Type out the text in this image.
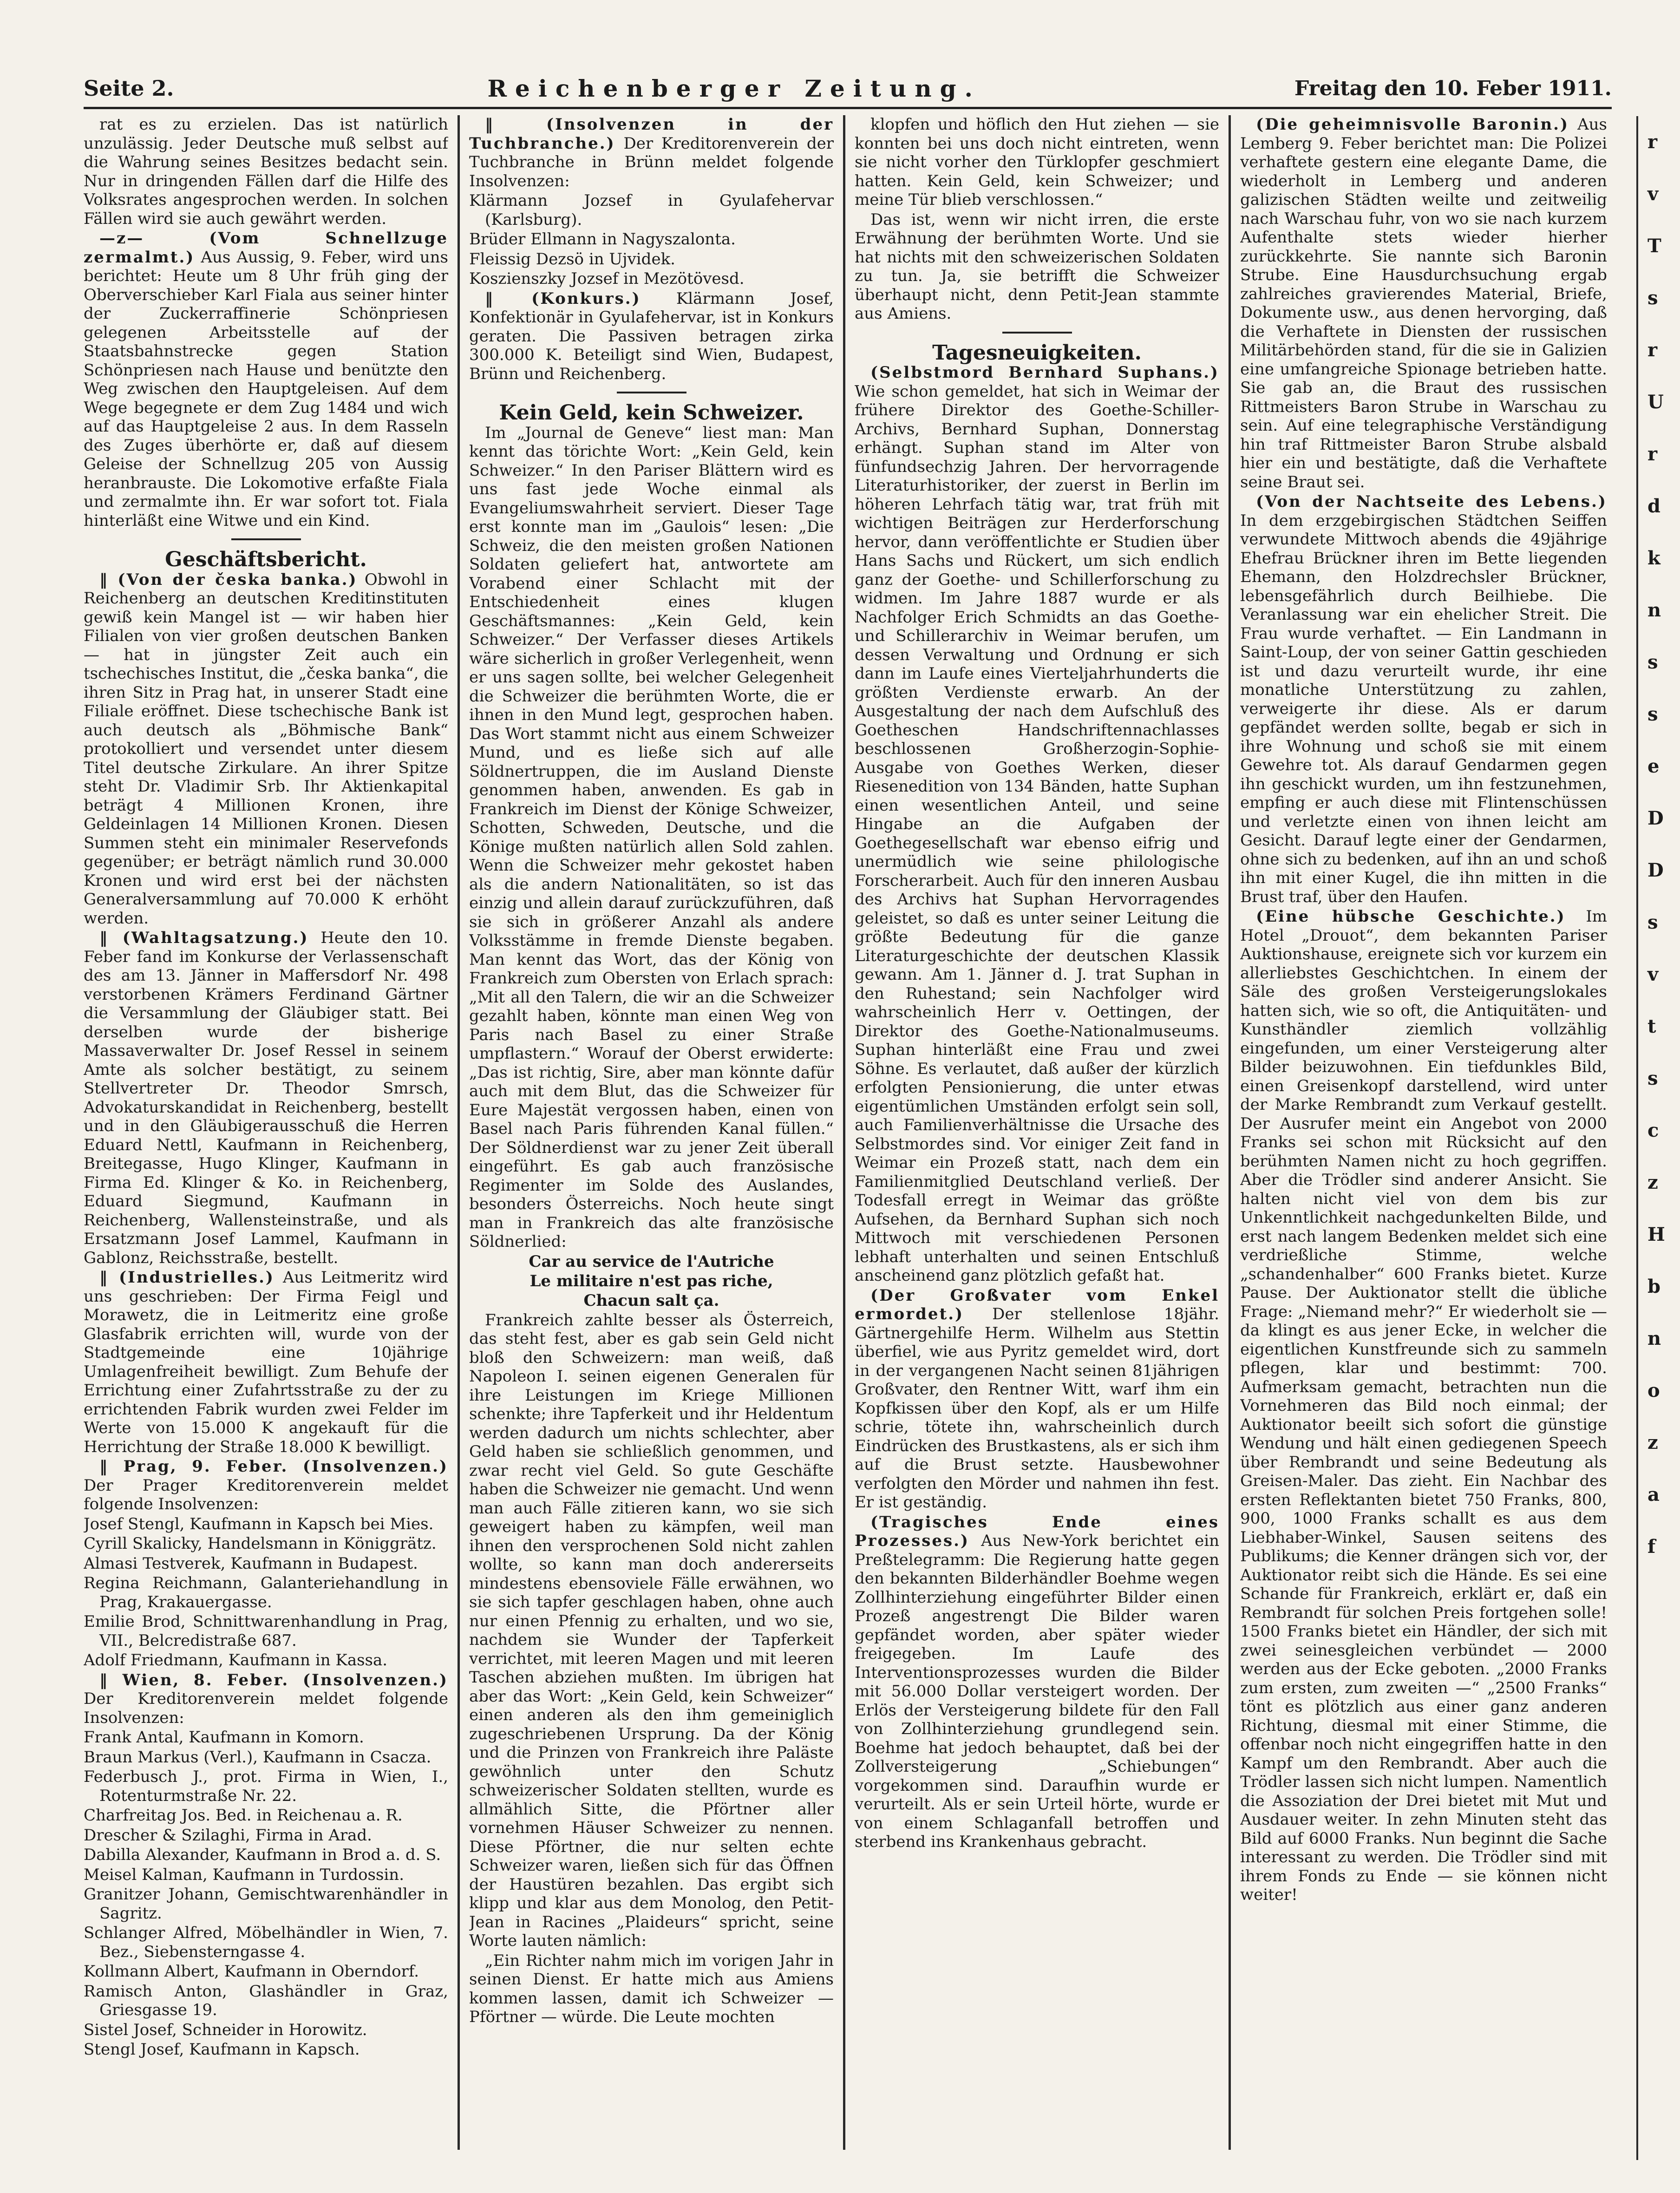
Seite 2.	Reichenberger Zeitung.	Freitag den 10. Feber 1911.

rat es zu erzielen. Das ist natürlich unzulässig. Jeder Deutsche muß selbst auf die Wahrung seines Besitzes bedacht sein. Nur in dringenden Fällen darf die Hilfe des Volksrates angesprochen werden. In solchen Fällen wird sie auch gewährt werden.

—z— (Vom Schnellzuge zermalmt.) Aus Aussig, 9. Feber, wird uns berichtet: Heute um 8 Uhr früh ging der Oberverschieber Karl Fiala aus seiner hinter der Zuckerraffinerie Schönpriesen gelegenen Arbeitsstelle auf der Staatsbahnstrecke gegen Station Schönpriesen nach Hause und benützte den Weg zwischen den Hauptgeleisen. Auf dem Wege begegnete er dem Zug 1484 und wich auf das Hauptgeleise 2 aus. In dem Rasseln des Zuges überhörte er, daß auf diesem Geleise der Schnellzug 205 von Aussig heranbrauste. Die Lokomotive erfaßte Fiala und zermalmte ihn. Er war sofort tot. Fiala hinterläßt eine Witwe und ein Kind.

Geschäftsbericht.

‖ (Von der česka banka.) Obwohl in Reichenberg an deutschen Kreditinstituten gewiß kein Mangel ist — wir haben hier Filialen von vier großen deutschen Banken — hat in jüngster Zeit auch ein tschechisches Institut, die „česka banka“, die ihren Sitz in Prag hat, in unserer Stadt eine Filiale eröffnet. Diese tschechische Bank ist auch deutsch als „Böhmische Bank“ protokolliert und versendet unter diesem Titel deutsche Zirkulare. An ihrer Spitze steht Dr. Vladimir Srb. Ihr Aktienkapital beträgt 4 Millionen Kronen, ihre Geldeinlagen 14 Millionen Kronen. Diesen Summen steht ein minimaler Reservefonds gegenüber; er beträgt nämlich rund 30.000 Kronen und wird erst bei der nächsten Generalversammlung auf 70.000 K erhöht werden.

‖ (Wahltagsatzung.) Heute den 10. Feber fand im Konkurse der Verlassenschaft des am 13. Jänner in Maffersdorf Nr. 498 verstorbenen Krämers Ferdinand Gärtner die Versammlung der Gläubiger statt. Bei derselben wurde der bisherige Massaverwalter Dr. Josef Ressel in seinem Amte als solcher bestätigt, zu seinem Stellvertreter Dr. Theodor Smrsch, Advokaturskandidat in Reichenberg, bestellt und in den Gläubigerausschuß die Herren Eduard Nettl, Kaufmann in Reichenberg, Breitegasse, Hugo Klinger, Kaufmann in Firma Ed. Klinger & Ko. in Reichenberg, Eduard Siegmund, Kaufmann in Reichenberg, Wallensteinstraße, und als Ersatzmann Josef Lammel, Kaufmann in Gablonz, Reichsstraße, bestellt.

‖ (Industrielles.) Aus Leitmeritz wird uns geschrieben: Der Firma Feigl und Morawetz, die in Leitmeritz eine große Glasfabrik errichten will, wurde von der Stadtgemeinde eine 10jährige Umlagenfreiheit bewilligt. Zum Behufe der Errichtung einer Zufahrtsstraße zu der zu errichtenden Fabrik wurden zwei Felder im Werte von 15.000 K angekauft für die Herrichtung der Straße 18.000 K bewilligt.

‖ Prag, 9. Feber. (Insolvenzen.) Der Prager Kreditorenverein meldet folgende Insolvenzen:

Josef Stengl, Kaufmann in Kapsch bei Mies.

Cyrill Skalicky, Handelsmann in Königgrätz.

Almasi Testverek, Kaufmann in Budapest.

Regina Reichmann, Galanteriehandlung in Prag, Krakauergasse.

Emilie Brod, Schnittwarenhandlung in Prag, VII., Belcredistraße 687.

Adolf Friedmann, Kaufmann in Kassa.

‖ Wien, 8. Feber. (Insolvenzen.) Der Kreditorenverein meldet folgende Insolvenzen:

Frank Antal, Kaufmann in Komorn.

Braun Markus (Verl.), Kaufmann in Csacza.

Federbusch J., prot. Firma in Wien, I., Rotenturmstraße Nr. 22.

Charfreitag Jos. Bed. in Reichenau a. R.

Drescher & Szilaghi, Firma in Arad.

Dabilla Alexander, Kaufmann in Brod a. d. S.

Meisel Kalman, Kaufmann in Turdossin.

Granitzer Johann, Gemischtwarenhändler in Sagritz.

Schlanger Alfred, Möbelhändler in Wien, 7. Bez., Siebensterngasse 4.

Kollmann Albert, Kaufmann in Oberndorf.

Ramisch Anton, Glashändler in Graz, Griesgasse 19.

Sistel Josef, Schneider in Horowitz.

Stengl Josef, Kaufmann in Kapsch.

‖ (Insolvenzen in der Tuchbranche.) Der Kreditorenverein der Tuchbranche in Brünn meldet folgende Insolvenzen:

Klärmann Jozsef in Gyulafehervar (Karlsburg).

Brüder Ellmann in Nagyszalonta.

Fleissig Dezsö in Ujvidek.

Koszienszky Jozsef in Mezötövesd.

‖ (Konkurs.) Klärmann Josef, Konfektionär in Gyulafehervar, ist in Konkurs geraten. Die Passiven betragen zirka 300.000 K. Beteiligt sind Wien, Budapest, Brünn und Reichenberg.

Kein Geld, kein Schweizer.

Im „Journal de Geneve“ liest man: Man kennt das törichte Wort: „Kein Geld, kein Schweizer.“ In den Pariser Blättern wird es uns fast jede Woche einmal als Evangeliumswahrheit serviert. Dieser Tage erst konnte man im „Gaulois“ lesen: „Die Schweiz, die den meisten großen Nationen Soldaten geliefert hat, antwortete am Vorabend einer Schlacht mit der Entschiedenheit eines klugen Geschäftsmannes: „Kein Geld, kein Schweizer.“ Der Verfasser dieses Artikels wäre sicherlich in großer Verlegenheit, wenn er uns sagen sollte, bei welcher Gelegenheit die Schweizer die berühmten Worte, die er ihnen in den Mund legt, gesprochen haben. Das Wort stammt nicht aus einem Schweizer Mund, und es ließe sich auf alle Söldnertruppen, die im Ausland Dienste genommen haben, anwenden. Es gab in Frankreich im Dienst der Könige Schweizer, Schotten, Schweden, Deutsche, und die Könige mußten natürlich allen Sold zahlen. Wenn die Schweizer mehr gekostet haben als die andern Nationalitäten, so ist das einzig und allein darauf zurückzuführen, daß sie sich in größerer Anzahl als andere Volksstämme in fremde Dienste begaben. Man kennt das Wort, das der König von Frankreich zum Obersten von Erlach sprach: „Mit all den Talern, die wir an die Schweizer gezahlt haben, könnte man einen Weg von Paris nach Basel zu einer Straße umpflastern.“ Worauf der Oberst erwiderte: „Das ist richtig, Sire, aber man könnte dafür auch mit dem Blut, das die Schweizer für Eure Majestät vergossen haben, einen von Basel nach Paris führenden Kanal füllen.“ Der Söldnerdienst war zu jener Zeit überall eingeführt. Es gab auch französische Regimenter im Solde des Auslandes, besonders Österreichs. Noch heute singt man in Frankreich das alte französische Söldnerlied:

Car au service de l'Autriche

Le militaire n'est pas riche,

Chacun salt ça.

Frankreich zahlte besser als Österreich, das steht fest, aber es gab sein Geld nicht bloß den Schweizern: man weiß, daß Napoleon I. seinen eigenen Generalen für ihre Leistungen im Kriege Millionen schenkte; ihre Tapferkeit und ihr Heldentum werden dadurch um nichts schlechter, aber Geld haben sie schließlich genommen, und zwar recht viel Geld. So gute Geschäfte haben die Schweizer nie gemacht. Und wenn man auch Fälle zitieren kann, wo sie sich geweigert haben zu kämpfen, weil man ihnen den versprochenen Sold nicht zahlen wollte, so kann man doch andererseits mindestens ebensoviele Fälle erwähnen, wo sie sich tapfer geschlagen haben, ohne auch nur einen Pfennig zu erhalten, und wo sie, nachdem sie Wunder der Tapferkeit verrichtet, mit leeren Magen und mit leeren Taschen abziehen mußten. Im übrigen hat aber das Wort: „Kein Geld, kein Schweizer“ einen anderen als den ihm gemeiniglich zugeschriebenen Ursprung. Da der König und die Prinzen von Frankreich ihre Paläste gewöhnlich unter den Schutz schweizerischer Soldaten stellten, wurde es allmählich Sitte, die Pförtner aller vornehmen Häuser Schweizer zu nennen. Diese Pförtner, die nur selten echte Schweizer waren, ließen sich für das Öffnen der Haustüren bezahlen. Das ergibt sich klipp und klar aus dem Monolog, den Petit-Jean in Racines „Plaideurs“ spricht, seine Worte lauten nämlich:

„Ein Richter nahm mich im vorigen Jahr in seinen Dienst. Er hatte mich aus Amiens kommen lassen, damit ich Schweizer — Pförtner — würde. Die Leute mochten

klopfen und höflich den Hut ziehen — sie konnten bei uns doch nicht eintreten, wenn sie nicht vorher den Türklopfer geschmiert hatten. Kein Geld, kein Schweizer; und meine Tür blieb verschlossen.“

Das ist, wenn wir nicht irren, die erste Erwähnung der berühmten Worte. Und sie hat nichts mit den schweizerischen Soldaten zu tun. Ja, sie betrifft die Schweizer überhaupt nicht, denn Petit-Jean stammte aus Amiens.

Tagesneuigkeiten.

(Selbstmord Bernhard Suphans.) Wie schon gemeldet, hat sich in Weimar der frühere Direktor des Goethe-Schiller-Archivs, Bernhard Suphan, Donnerstag erhängt. Suphan stand im Alter von fünfundsechzig Jahren. Der hervorragende Literaturhistoriker, der zuerst in Berlin im höheren Lehrfach tätig war, trat früh mit wichtigen Beiträgen zur Herderforschung hervor, dann veröffentlichte er Studien über Hans Sachs und Rückert, um sich endlich ganz der Goethe- und Schillerforschung zu widmen. Im Jahre 1887 wurde er als Nachfolger Erich Schmidts an das Goethe- und Schillerarchiv in Weimar berufen, um dessen Verwaltung und Ordnung er sich dann im Laufe eines Vierteljahrhunderts die größten Verdienste erwarb. An der Ausgestaltung der nach dem Aufschluß des Goetheschen Handschriftennachlasses beschlossenen Großherzogin-Sophie-Ausgabe von Goethes Werken, dieser Riesenedition von 134 Bänden, hatte Suphan einen wesentlichen Anteil, und seine Hingabe an die Aufgaben der Goethegesellschaft war ebenso eifrig und unermüdlich wie seine philologische Forscherarbeit. Auch für den inneren Ausbau des Archivs hat Suphan Hervorragendes geleistet, so daß es unter seiner Leitung die größte Bedeutung für die ganze Literaturgeschichte der deutschen Klassik gewann. Am 1. Jänner d. J. trat Suphan in den Ruhestand; sein Nachfolger wird wahrscheinlich Herr v. Oettingen, der Direktor des Goethe-Nationalmuseums. Suphan hinterläßt eine Frau und zwei Söhne. Es verlautet, daß außer der kürzlich erfolgten Pensionierung, die unter etwas eigentümlichen Umständen erfolgt sein soll, auch Familienverhältnisse die Ursache des Selbstmordes sind. Vor einiger Zeit fand in Weimar ein Prozeß statt, nach dem ein Familienmitglied Deutschland verließ. Der Todesfall erregt in Weimar das größte Aufsehen, da Bernhard Suphan sich noch Mittwoch mit verschiedenen Personen lebhaft unterhalten und seinen Entschluß anscheinend ganz plötzlich gefaßt hat.

(Der Großvater vom Enkel ermordet.) Der stellenlose 18jähr. Gärtnergehilfe Herm. Wilhelm aus Stettin überfiel, wie aus Pyritz gemeldet wird, dort in der vergangenen Nacht seinen 81jährigen Großvater, den Rentner Witt, warf ihm ein Kopfkissen über den Kopf, als er um Hilfe schrie, tötete ihn, wahrscheinlich durch Eindrücken des Brustkastens, als er sich ihm auf die Brust setzte. Hausbewohner verfolgten den Mörder und nahmen ihn fest. Er ist geständig.

(Tragisches Ende eines Prozesses.) Aus New-York berichtet ein Preßtelegramm: Die Regierung hatte gegen den bekannten Bilderhändler Boehme wegen Zollhinterziehung eingeführter Bilder einen Prozeß angestrengt Die Bilder waren gepfändet worden, aber später wieder freigegeben. Im Laufe des Interventionsprozesses wurden die Bilder mit 56.000 Dollar versteigert worden. Der Erlös der Versteigerung bildete für den Fall von Zollhinterziehung grundlegend sein. Boehme hat jedoch behauptet, daß bei der Zollversteigerung „Schiebungen“ vorgekommen sind. Daraufhin wurde er verurteilt. Als er sein Urteil hörte, wurde er von einem Schlaganfall betroffen und sterbend ins Krankenhaus gebracht.

(Die geheimnisvolle Baronin.) Aus Lemberg 9. Feber berichtet man: Die Polizei verhaftete gestern eine elegante Dame, die wiederholt in Lemberg und anderen galizischen Städten weilte und zeitweilig nach Warschau fuhr, von wo sie nach kurzem Aufenthalte stets wieder hierher zurückkehrte. Sie nannte sich Baronin Strube. Eine Hausdurchsuchung ergab zahlreiches gravierendes Material, Briefe, Dokumente usw., aus denen hervorging, daß die Verhaftete in Diensten der russischen Militärbehörden stand, für die sie in Galizien eine umfangreiche Spionage betrieben hatte. Sie gab an, die Braut des russischen Rittmeisters Baron Strube in Warschau zu sein. Auf eine telegraphische Verständigung hin traf Rittmeister Baron Strube alsbald hier ein und bestätigte, daß die Verhaftete seine Braut sei.

(Von der Nachtseite des Lebens.) In dem erzgebirgischen Städtchen Seiffen verwundete Mittwoch abends die 49jährige Ehefrau Brückner ihren im Bette liegenden Ehemann, den Holzdrechsler Brückner, lebensgefährlich durch Beilhiebe. Die Veranlassung war ein ehelicher Streit. Die Frau wurde verhaftet. — Ein Landmann in Saint-Loup, der von seiner Gattin geschieden ist und dazu verurteilt wurde, ihr eine monatliche Unterstützung zu zahlen, verweigerte ihr diese. Als er darum gepfändet werden sollte, begab er sich in ihre Wohnung und schoß sie mit einem Gewehre tot. Als darauf Gendarmen gegen ihn geschickt wurden, um ihn festzunehmen, empfing er auch diese mit Flintenschüssen und verletzte einen von ihnen leicht am Gesicht. Darauf legte einer der Gendarmen, ohne sich zu bedenken, auf ihn an und schoß ihn mit einer Kugel, die ihn mitten in die Brust traf, über den Haufen.

(Eine hübsche Geschichte.) Im Hotel „Drouot“, dem bekannten Pariser Auktionshause, ereignete sich vor kurzem ein allerliebstes Geschichtchen. In einem der Säle des großen Versteigerungslokales hatten sich, wie so oft, die Antiquitäten- und Kunsthändler ziemlich vollzählig eingefunden, um einer Versteigerung alter Bilder beizuwohnen. Ein tiefdunkles Bild, einen Greisenkopf darstellend, wird unter der Marke Rembrandt zum Verkauf gestellt. Der Ausrufer meint ein Angebot von 2000 Franks sei schon mit Rücksicht auf den berühmten Namen nicht zu hoch gegriffen. Aber die Trödler sind anderer Ansicht. Sie halten nicht viel von dem bis zur Unkenntlichkeit nachgedunkelten Bilde, und erst nach langem Bedenken meldet sich eine verdrießliche Stimme, welche „schandenhalber“ 600 Franks bietet. Kurze Pause. Der Auktionator stellt die übliche Frage: „Niemand mehr?“ Er wiederholt sie — da klingt es aus jener Ecke, in welcher die eigentlichen Kunstfreunde sich zu sammeln pflegen, klar und bestimmt: 700. Aufmerksam gemacht, betrachten nun die Vornehmeren das Bild noch einmal; der Auktionator beeilt sich sofort die günstige Wendung und hält einen gediegenen Speech über Rembrandt und seine Bedeutung als Greisen-Maler. Das zieht. Ein Nachbar des ersten Reflektanten bietet 750 Franks, 800, 900, 1000 Franks schallt es aus dem Liebhaber-Winkel, Sausen seitens des Publikums; die Kenner drängen sich vor, der Auktionator reibt sich die Hände. Es sei eine Schande für Frankreich, erklärt er, daß ein Rembrandt für solchen Preis fortgehen solle! 1500 Franks bietet ein Händler, der sich mit zwei seinesgleichen verbündet — 2000 werden aus der Ecke geboten. „2000 Franks zum ersten, zum zweiten —“ „2500 Franks“ tönt es plötzlich aus einer ganz anderen Richtung, diesmal mit einer Stimme, die offenbar noch nicht eingegriffen hatte in den Kampf um den Rembrandt. Aber auch die Trödler lassen sich nicht lumpen. Namentlich die Assoziation der Drei bietet mit Mut und Ausdauer weiter. In zehn Minuten steht das Bild auf 6000 Franks. Nun beginnt die Sache interessant zu werden. Die Trödler sind mit ihrem Fonds zu Ende — sie können nicht weiter!

r
v
T
s
r
U
r
d
k
n
s
s
e
D
D
s
v
t
s
c
z
H
b
n
o
z
a
f
